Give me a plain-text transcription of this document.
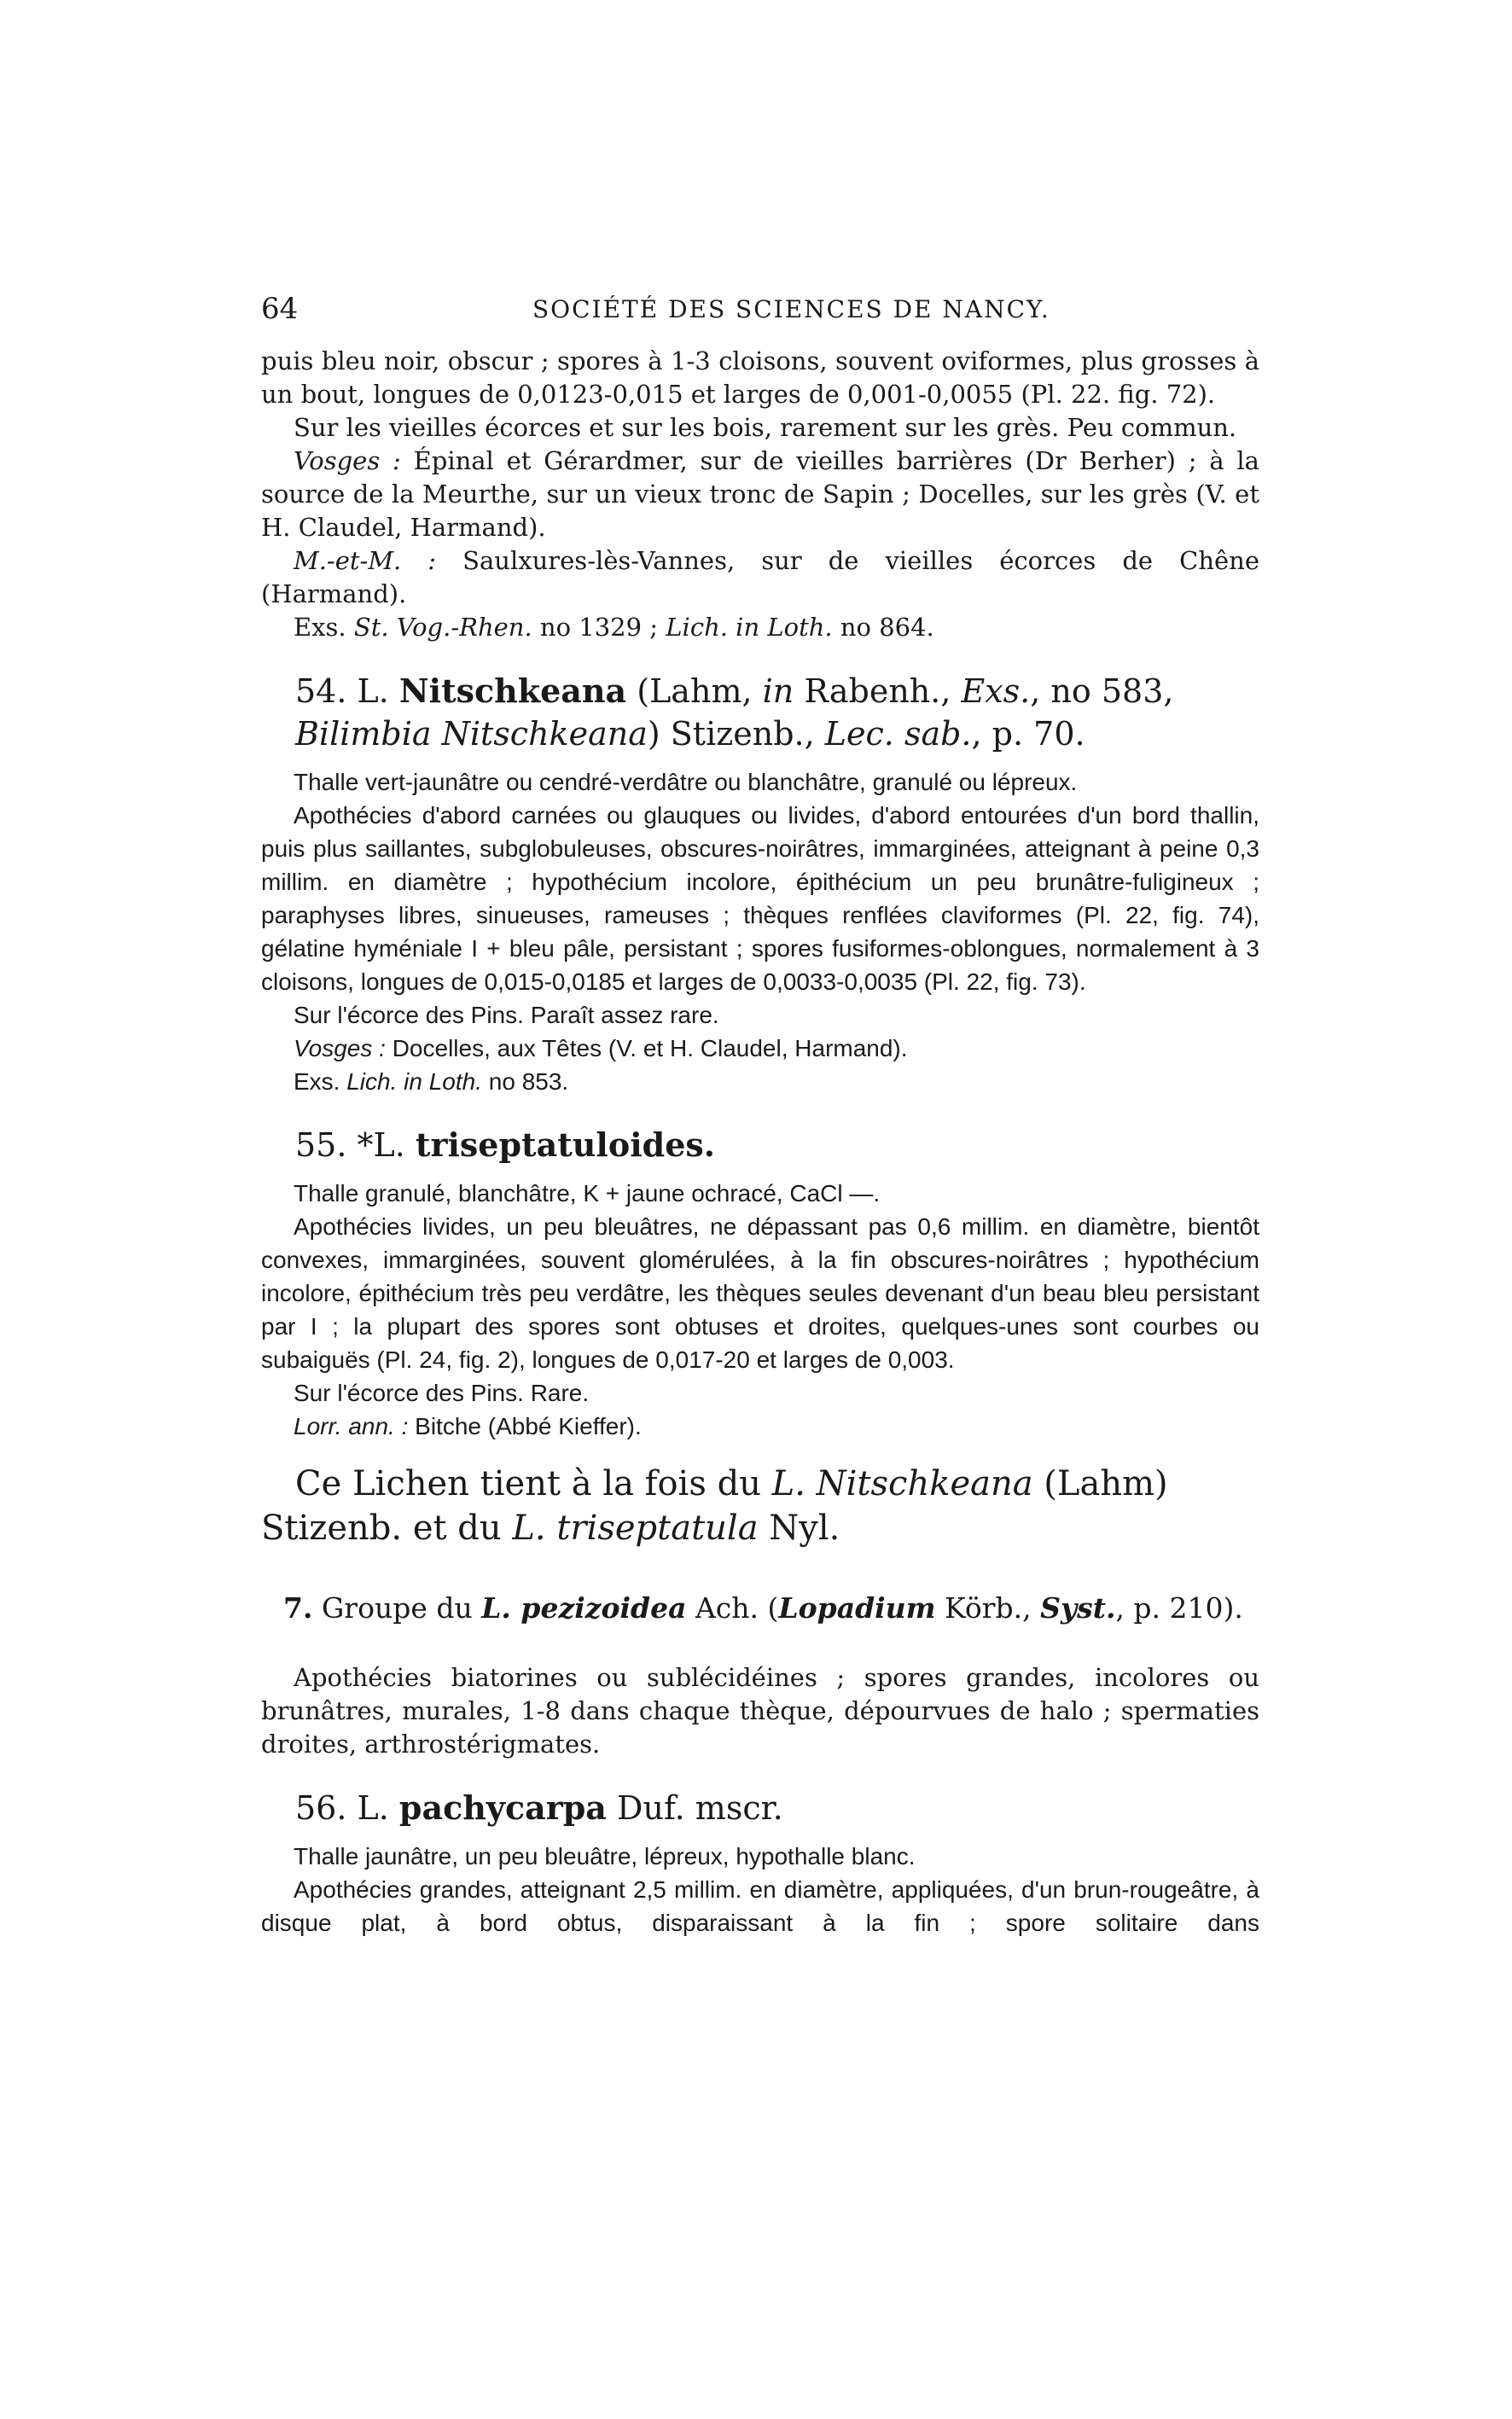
64	SOCIÉTÉ DES SCIENCES DE NANCY.

puis bleu noir, obscur ; spores à 1-3 cloisons, souvent oviformes, plus grosses à un bout, longues de 0,0123-0,015 et larges de 0,001-0,0055 (Pl. 22. fig. 72).

Sur les vieilles écorces et sur les bois, rarement sur les grès. Peu commun.

Vosges : Épinal et Gérardmer, sur de vieilles barrières (Dr Berher) ; à la source de la Meurthe, sur un vieux tronc de Sapin ; Docelles, sur les grès (V. et H. Claudel, Harmand).

M.-et-M. : Saulxures-lès-Vannes, sur de vieilles écorces de Chêne (Harmand).

Exs. St. Vog.-Rhen. no 1329 ; Lich. in Loth. no 864.

54. L. Nitschkeana (Lahm, in Rabenh., Exs., no 583, Bilimbia Nitschkeana) Stizenb., Lec. sab., p. 70.

Thalle vert-jaunâtre ou cendré-verdâtre ou blanchâtre, granulé ou lépreux.

Apothécies d'abord carnées ou glauques ou livides, d'abord entourées d'un bord thallin, puis plus saillantes, subglobuleuses, obscures-noirâtres, immarginées, atteignant à peine 0,3 millim. en diamètre ; hypothécium incolore, épithécium un peu brunâtre-fuligineux ; paraphyses libres, sinueuses, rameuses ; thèques renflées claviformes (Pl. 22, fig. 74), gélatine hyméniale I + bleu pâle, persistant ; spores fusiformes-oblongues, normalement à 3 cloisons, longues de 0,015-0,0185 et larges de 0,0033-0,0035 (Pl. 22, fig. 73).

Sur l'écorce des Pins. Paraît assez rare.

Vosges : Docelles, aux Têtes (V. et H. Claudel, Harmand).

Exs. Lich. in Loth. no 853.

55. *L. triseptatuloides.

Thalle granulé, blanchâtre, K + jaune ochracé, CaCl —.

Apothécies livides, un peu bleuâtres, ne dépassant pas 0,6 millim. en diamètre, bientôt convexes, immarginées, souvent glomérulées, à la fin obscures-noirâtres ; hypothécium incolore, épithécium très peu verdâtre, les thèques seules devenant d'un beau bleu persistant par I ; la plupart des spores sont obtuses et droites, quelques-unes sont courbes ou subaiguës (Pl. 24, fig. 2), longues de 0,017-20 et larges de 0,003.

Sur l'écorce des Pins. Rare.

Lorr. ann. : Bitche (Abbé Kieffer).

Ce Lichen tient à la fois du L. Nitschkeana (Lahm) Stizenb. et du L. triseptatula Nyl.

7. Groupe du L. pezizoidea Ach. (Lopadium Körb., Syst., p. 210).

Apothécies biatorines ou sublécidéines ; spores grandes, incolores ou brunâtres, murales, 1-8 dans chaque thèque, dépourvues de halo ; spermaties droites, arthrostérigmates.

56. L. pachycarpa Duf. mscr.

Thalle jaunâtre, un peu bleuâtre, lépreux, hypothalle blanc.

Apothécies grandes, atteignant 2,5 millim. en diamètre, appliquées, d'un brun-rougeâtre, à disque plat, à bord obtus, disparaissant à la fin ; spore solitaire dans
